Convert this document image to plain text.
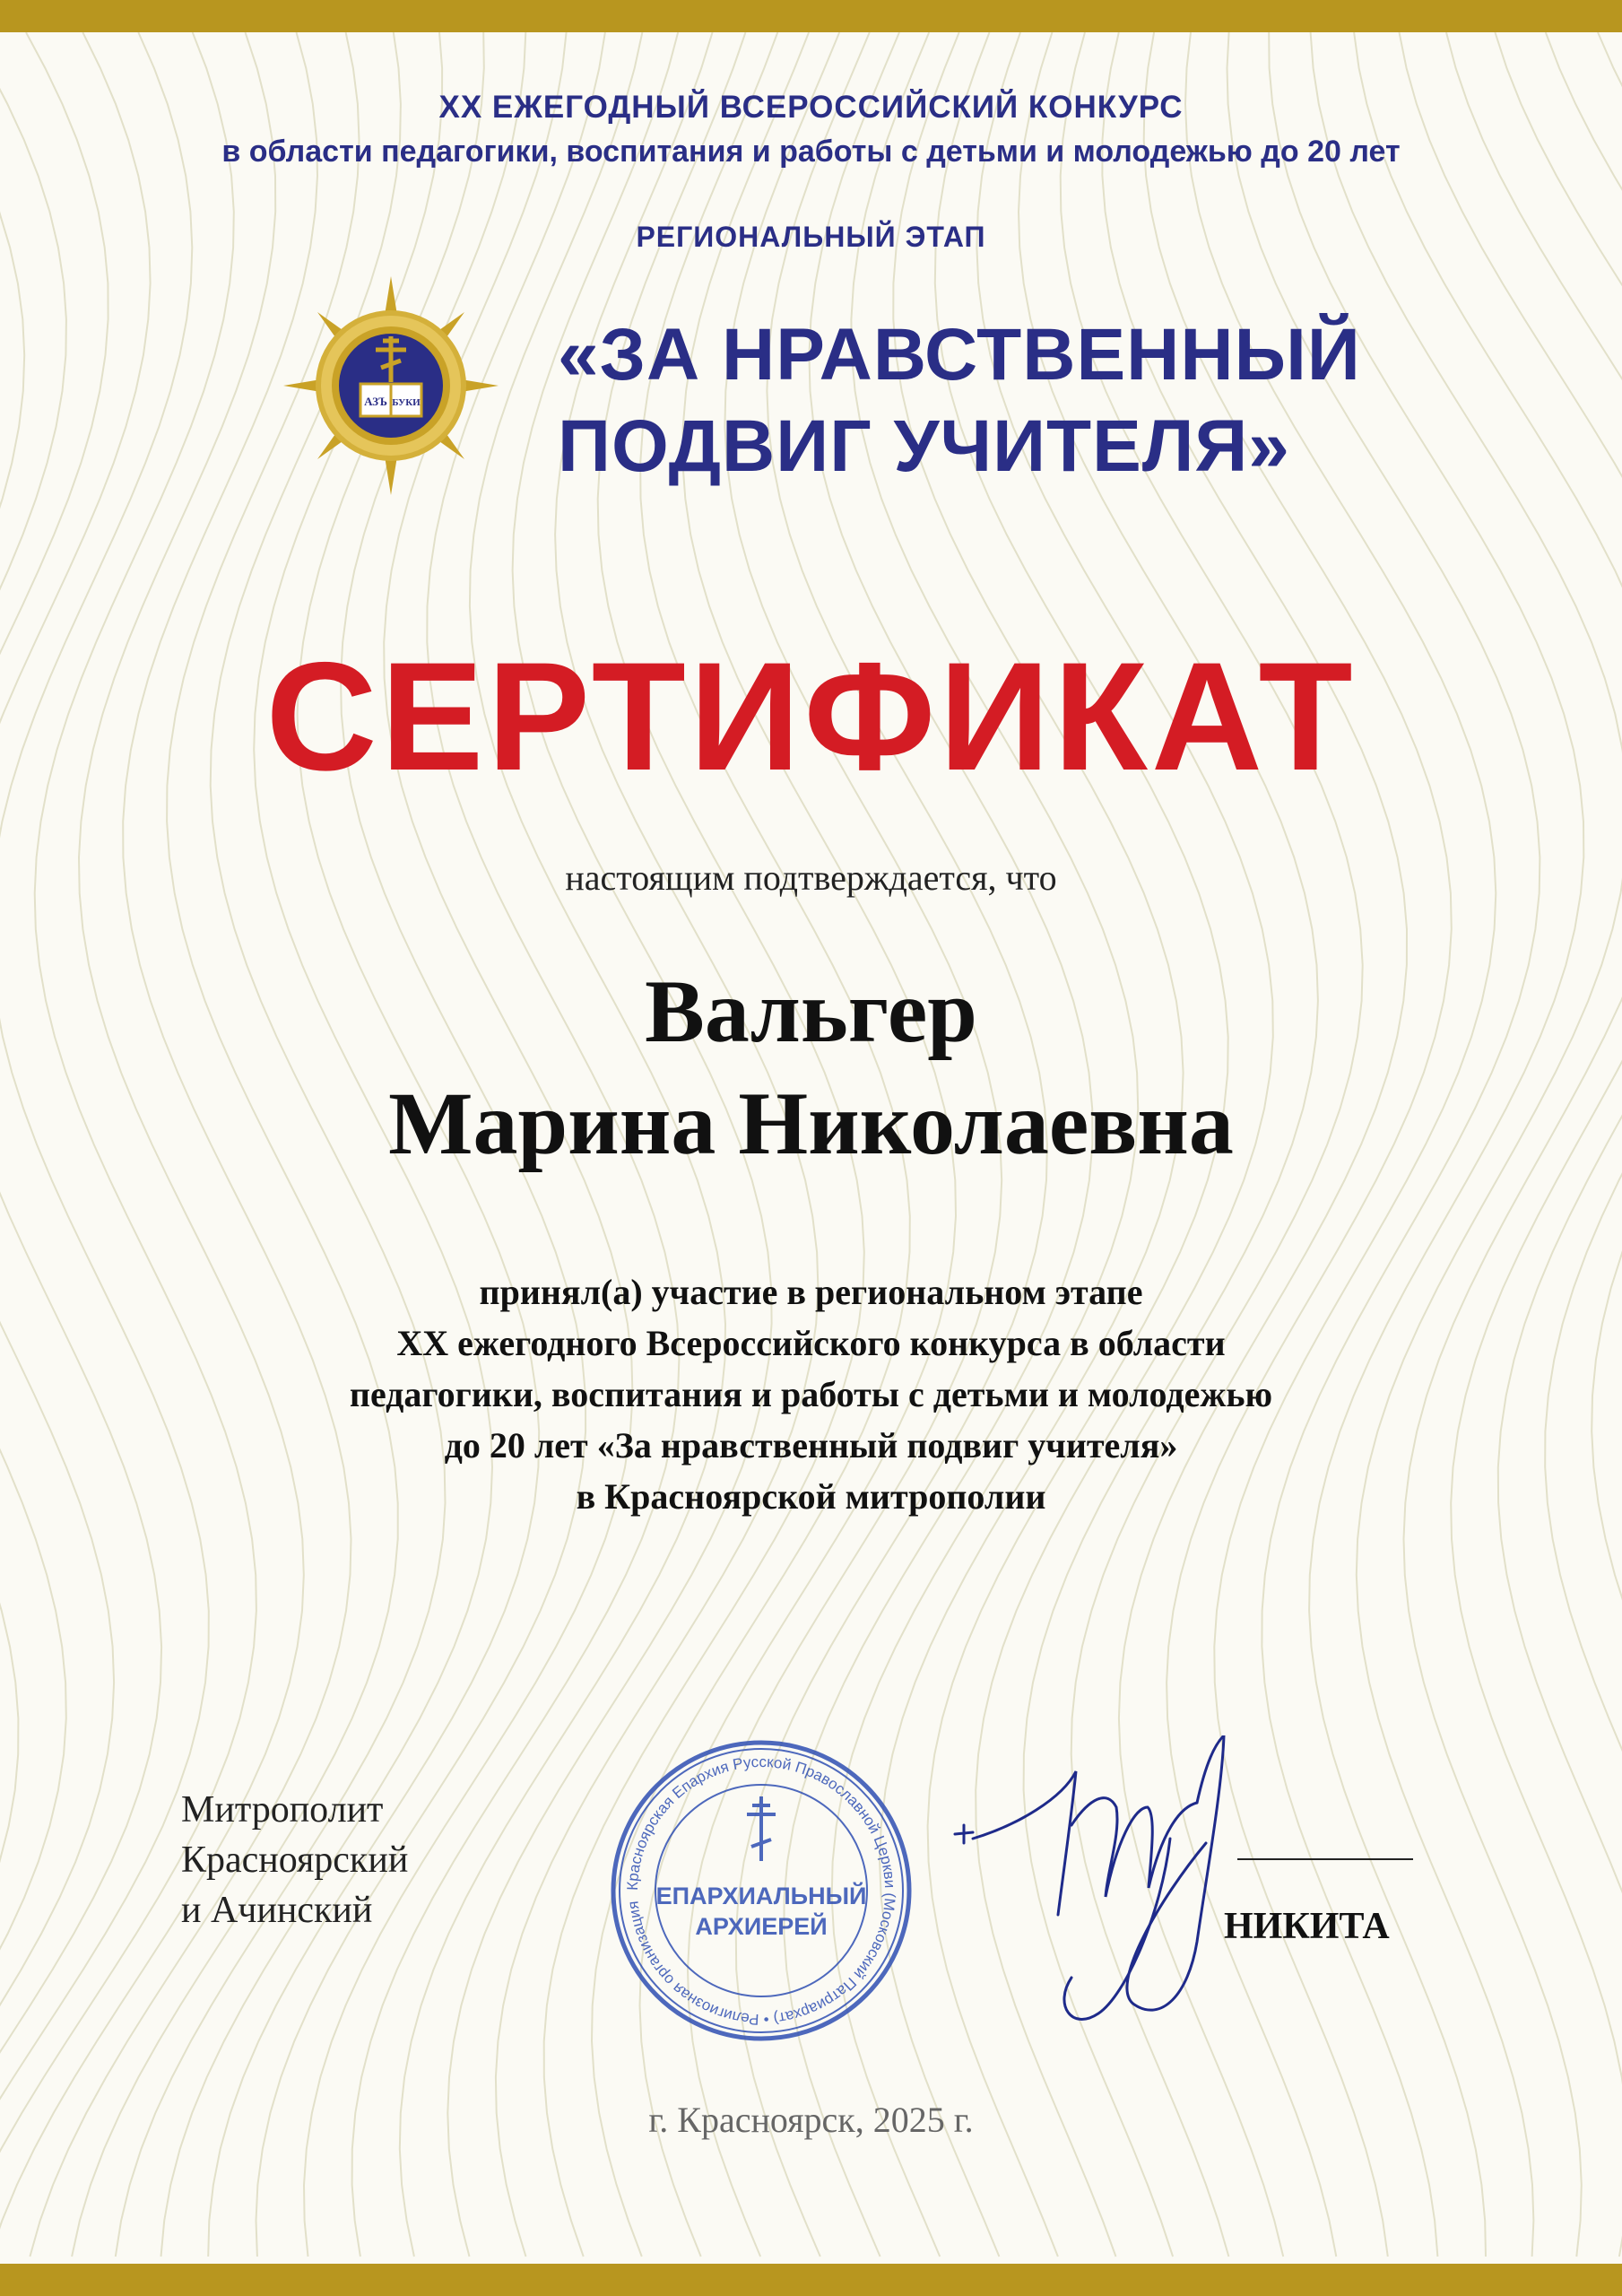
XX ЕЖЕГОДНЫЙ ВСЕРОССИЙСКИЙ КОНКУРС
в области педагогики, воспитания и работы с детьми и молодежью до 20 лет
РЕГИОНАЛЬНЫЙ ЭТАП
АЗЪ БУКИ
«ЗА НРАВСТВЕННЫЙ
ПОДВИГ УЧИТЕЛЯ»
СЕРТИФИКАТ
настоящим подтверждается, что
Вальгер
Марина Николаевна
принял(а) участие в региональном этапе
XX ежегодного Всероссийского конкурса в области
педагогики, воспитания и работы с детьми и молодежью
до 20 лет «За нравственный подвиг учителя»
в Красноярской митрополии
Митрополит
Красноярский
и Ачинский
Красноярская Епархия Русской Православной Церкви (Московский Патриархат) • Религиозная организация ЕПАРХИАЛЬНЫЙ
АРХИЕРЕЙ	НИКИТА
г. Красноярск, 2025 г.
